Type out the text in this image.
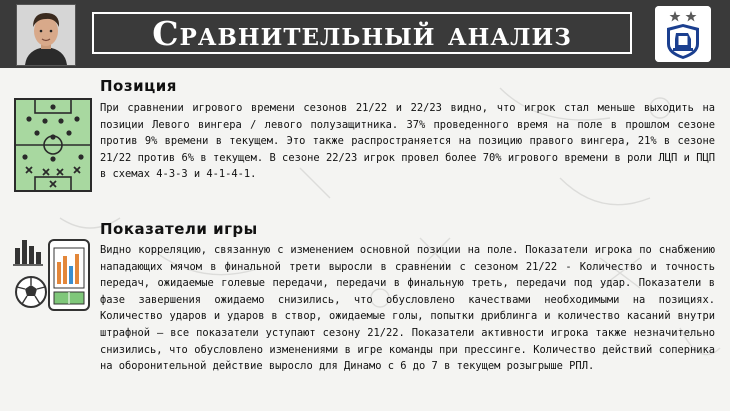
Сравнительный анализ
Позиция
При сравнении игрового времени сезонов 21/22 и 22/23 видно, что игрок стал меньше выходить на позиции Левого вингера / левого полузащитника. 37% проведенного время на поле в прошлом сезоне против 9% времени в текущем. Это также распространяется на позицию правого вингера, 21% в сезоне 21/22 против 6% в текущем. В сезоне 22/23 игрок провел более 70% игрового времени в роли ЛЦП и ПЦП в схемах 4-3-3 и 4-1-4-1.
Показатели игры
Видно корреляцию, связанную с изменением основной позиции на поле. Показатели игрока по снабжению нападающих мячом в финальной трети выросли в сравнении с сезоном 21/22 - Количество и точность передач, ожидаемые голевые передачи, передачи в финальную треть, передачи под удар. Показатели в фазе завершения ожидаемо снизились, что обусловлено качествами необходимыми на позициях. Количество ударов и ударов в створ, ожидаемые голы, попытки дриблинга и количество касаний внутри штрафной – все показатели уступают сезону 21/22. Показатели активности игрока также незначительно снизились, что обусловлено изменениями в игре команды при прессинге. Количество действий соперника на оборонительной действие выросло для Динамо с 6 до 7 в текущем розыгрыше РПЛ.
